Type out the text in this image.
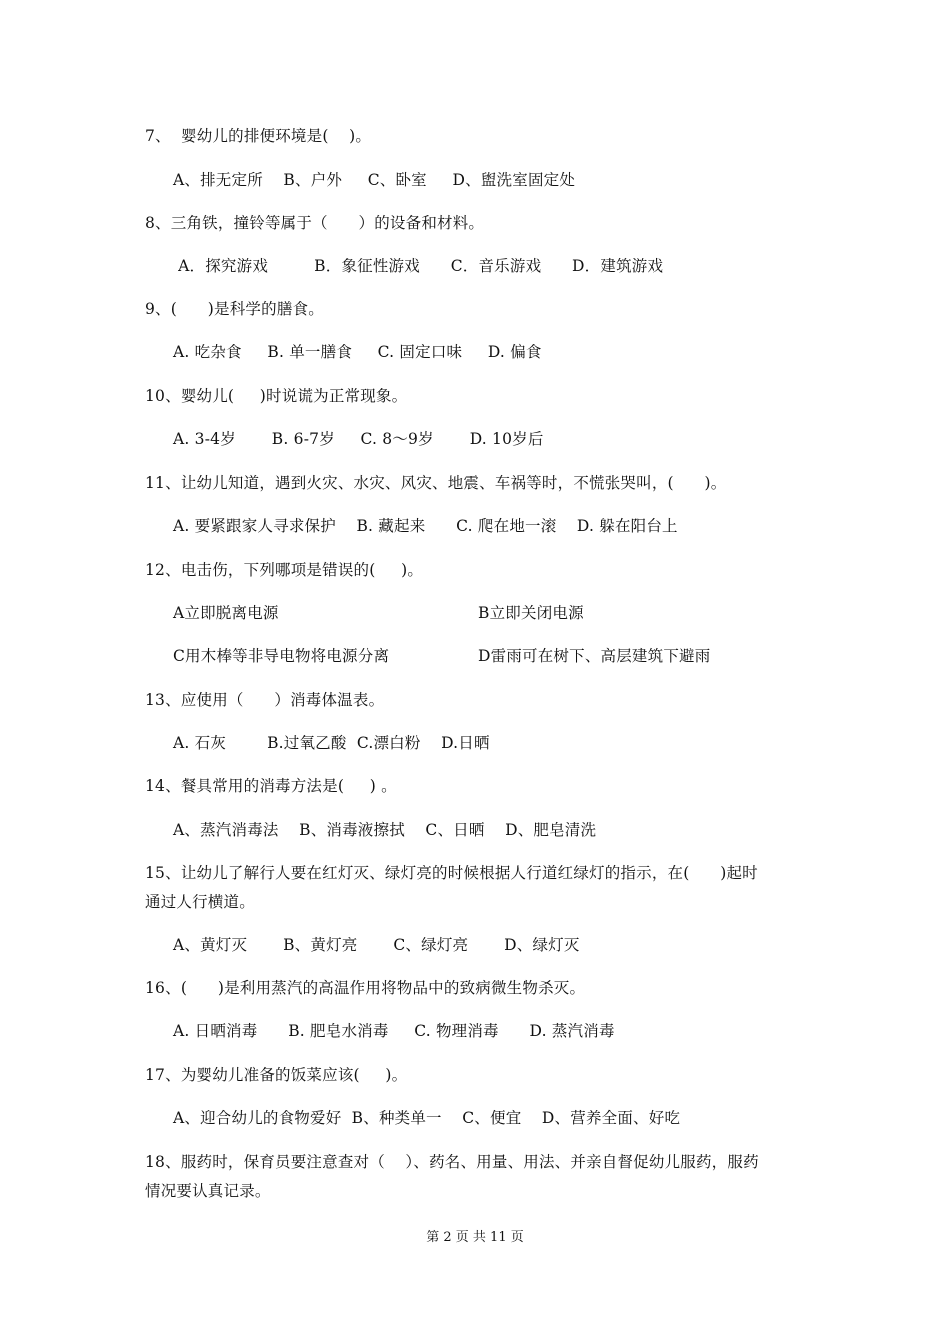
7、  婴幼儿的排便环境是(    )。
A、排无定所    B、户外     C、卧室     D、盥洗室固定处
8、三角铁，撞铃等属于（      ）的设备和材料。
A．探究游戏         B．象征性游戏      C．音乐游戏      D．建筑游戏
9、(      )是科学的膳食。
A. 吃杂食     B. 单一膳食     C. 固定口味     D. 偏食
10、婴幼儿(     )时说谎为正常现象。
A. 3-4岁       B. 6-7岁     C. 8～9岁       D. 10岁后
11、让幼儿知道，遇到火灾、水灾、风灾、地震、车祸等时，不慌张哭叫，(      )。
A. 要紧跟家人寻求保护    B. 藏起来      C. 爬在地一滚    D. 躲在阳台上
12、电击伤，下列哪项是错误的(     )。
A立即脱离电源	B立即关闭电源
C用木棒等非导电物将电源分离	D雷雨可在树下、高层建筑下避雨
13、应使用（      ）消毒体温表。
A. 石灰        B.过氧乙酸  C.漂白粉    D.日晒
14、餐具常用的消毒方法是(     ) 。
A、蒸汽消毒法    B、消毒液擦拭    C、日晒    D、肥皂清洗
15、让幼儿了解行人要在红灯灭、绿灯亮的时候根据人行道红绿灯的指示，在(      )起时
通过人行横道。
A、黄灯灭       B、黄灯亮       C、绿灯亮       D、绿灯灭
16、(      )是利用蒸汽的高温作用将物品中的致病微生物杀灭。
A. 日晒消毒      B. 肥皂水消毒     C. 物理消毒      D. 蒸汽消毒
17、为婴幼儿准备的饭菜应该(     )。
A、迎合幼儿的食物爱好  B、种类单一    C、便宜    D、营养全面、好吃
18、服药时，保育员要注意查对（    ）、药名、用量、用法、并亲自督促幼儿服药，服药
情况要认真记录。
第 2 页 共 11 页
